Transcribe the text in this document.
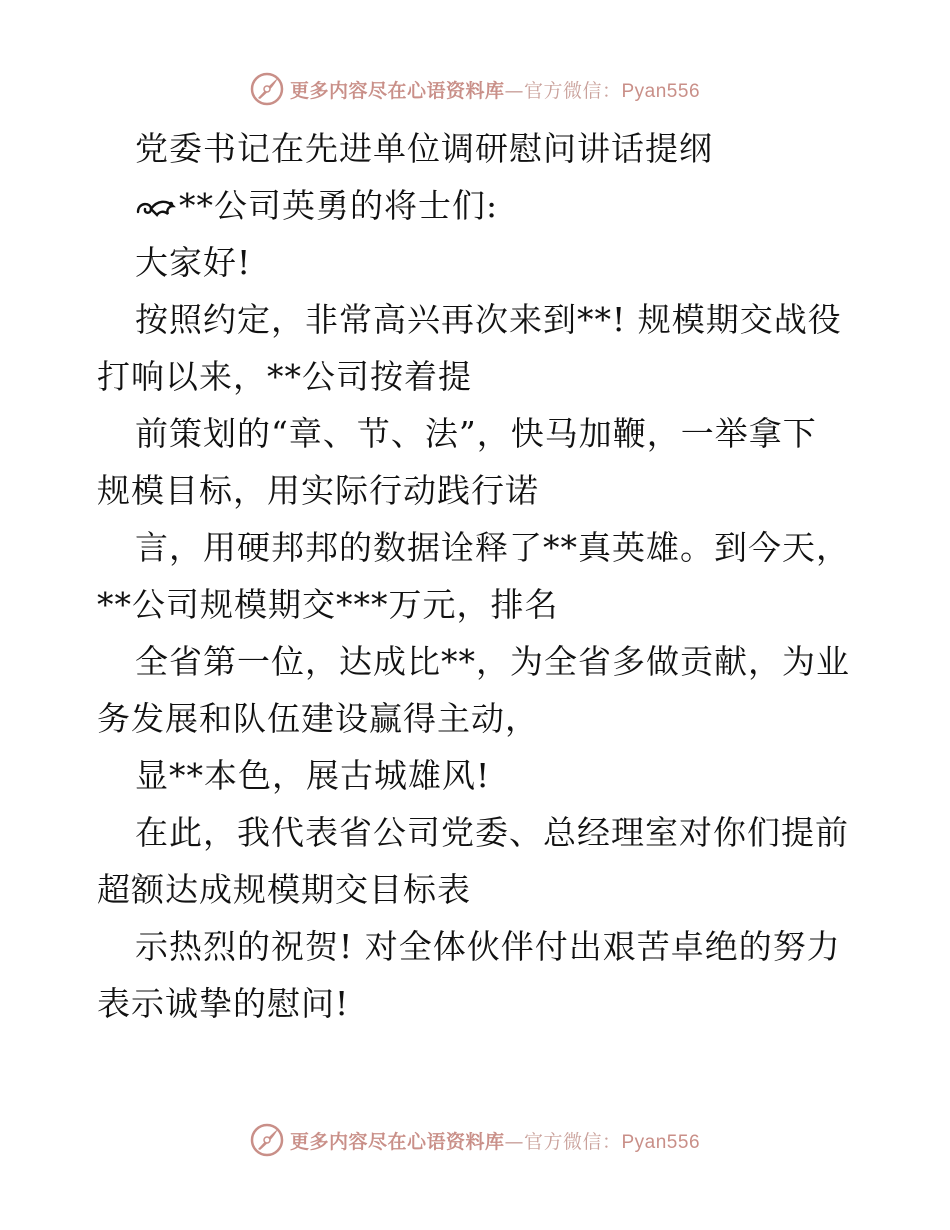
更多内容尽在心语资料库—官方微信：Pyan556
党委书记在先进单位调研慰问讲话提纲
**公司英勇的将士们:
大家好!
按照约定，非常高兴再次来到**! 规模期交战役
打响以来，**公司按着提
前策划的“章、节、法”，快马加鞭，一举拿下
规模目标，用实际行动践行诺
言，用硬邦邦的数据诠释了**真英雄。到今天，
**公司规模期交***万元，排名
全省第一位，达成比**，为全省多做贡献，为业
务发展和队伍建设赢得主动，
显**本色，展古城雄风!
在此，我代表省公司党委、总经理室对你们提前
超额达成规模期交目标表
示热烈的祝贺! 对全体伙伴付出艰苦卓绝的努力
表示诚挚的慰问!
更多内容尽在心语资料库—官方微信：Pyan556
